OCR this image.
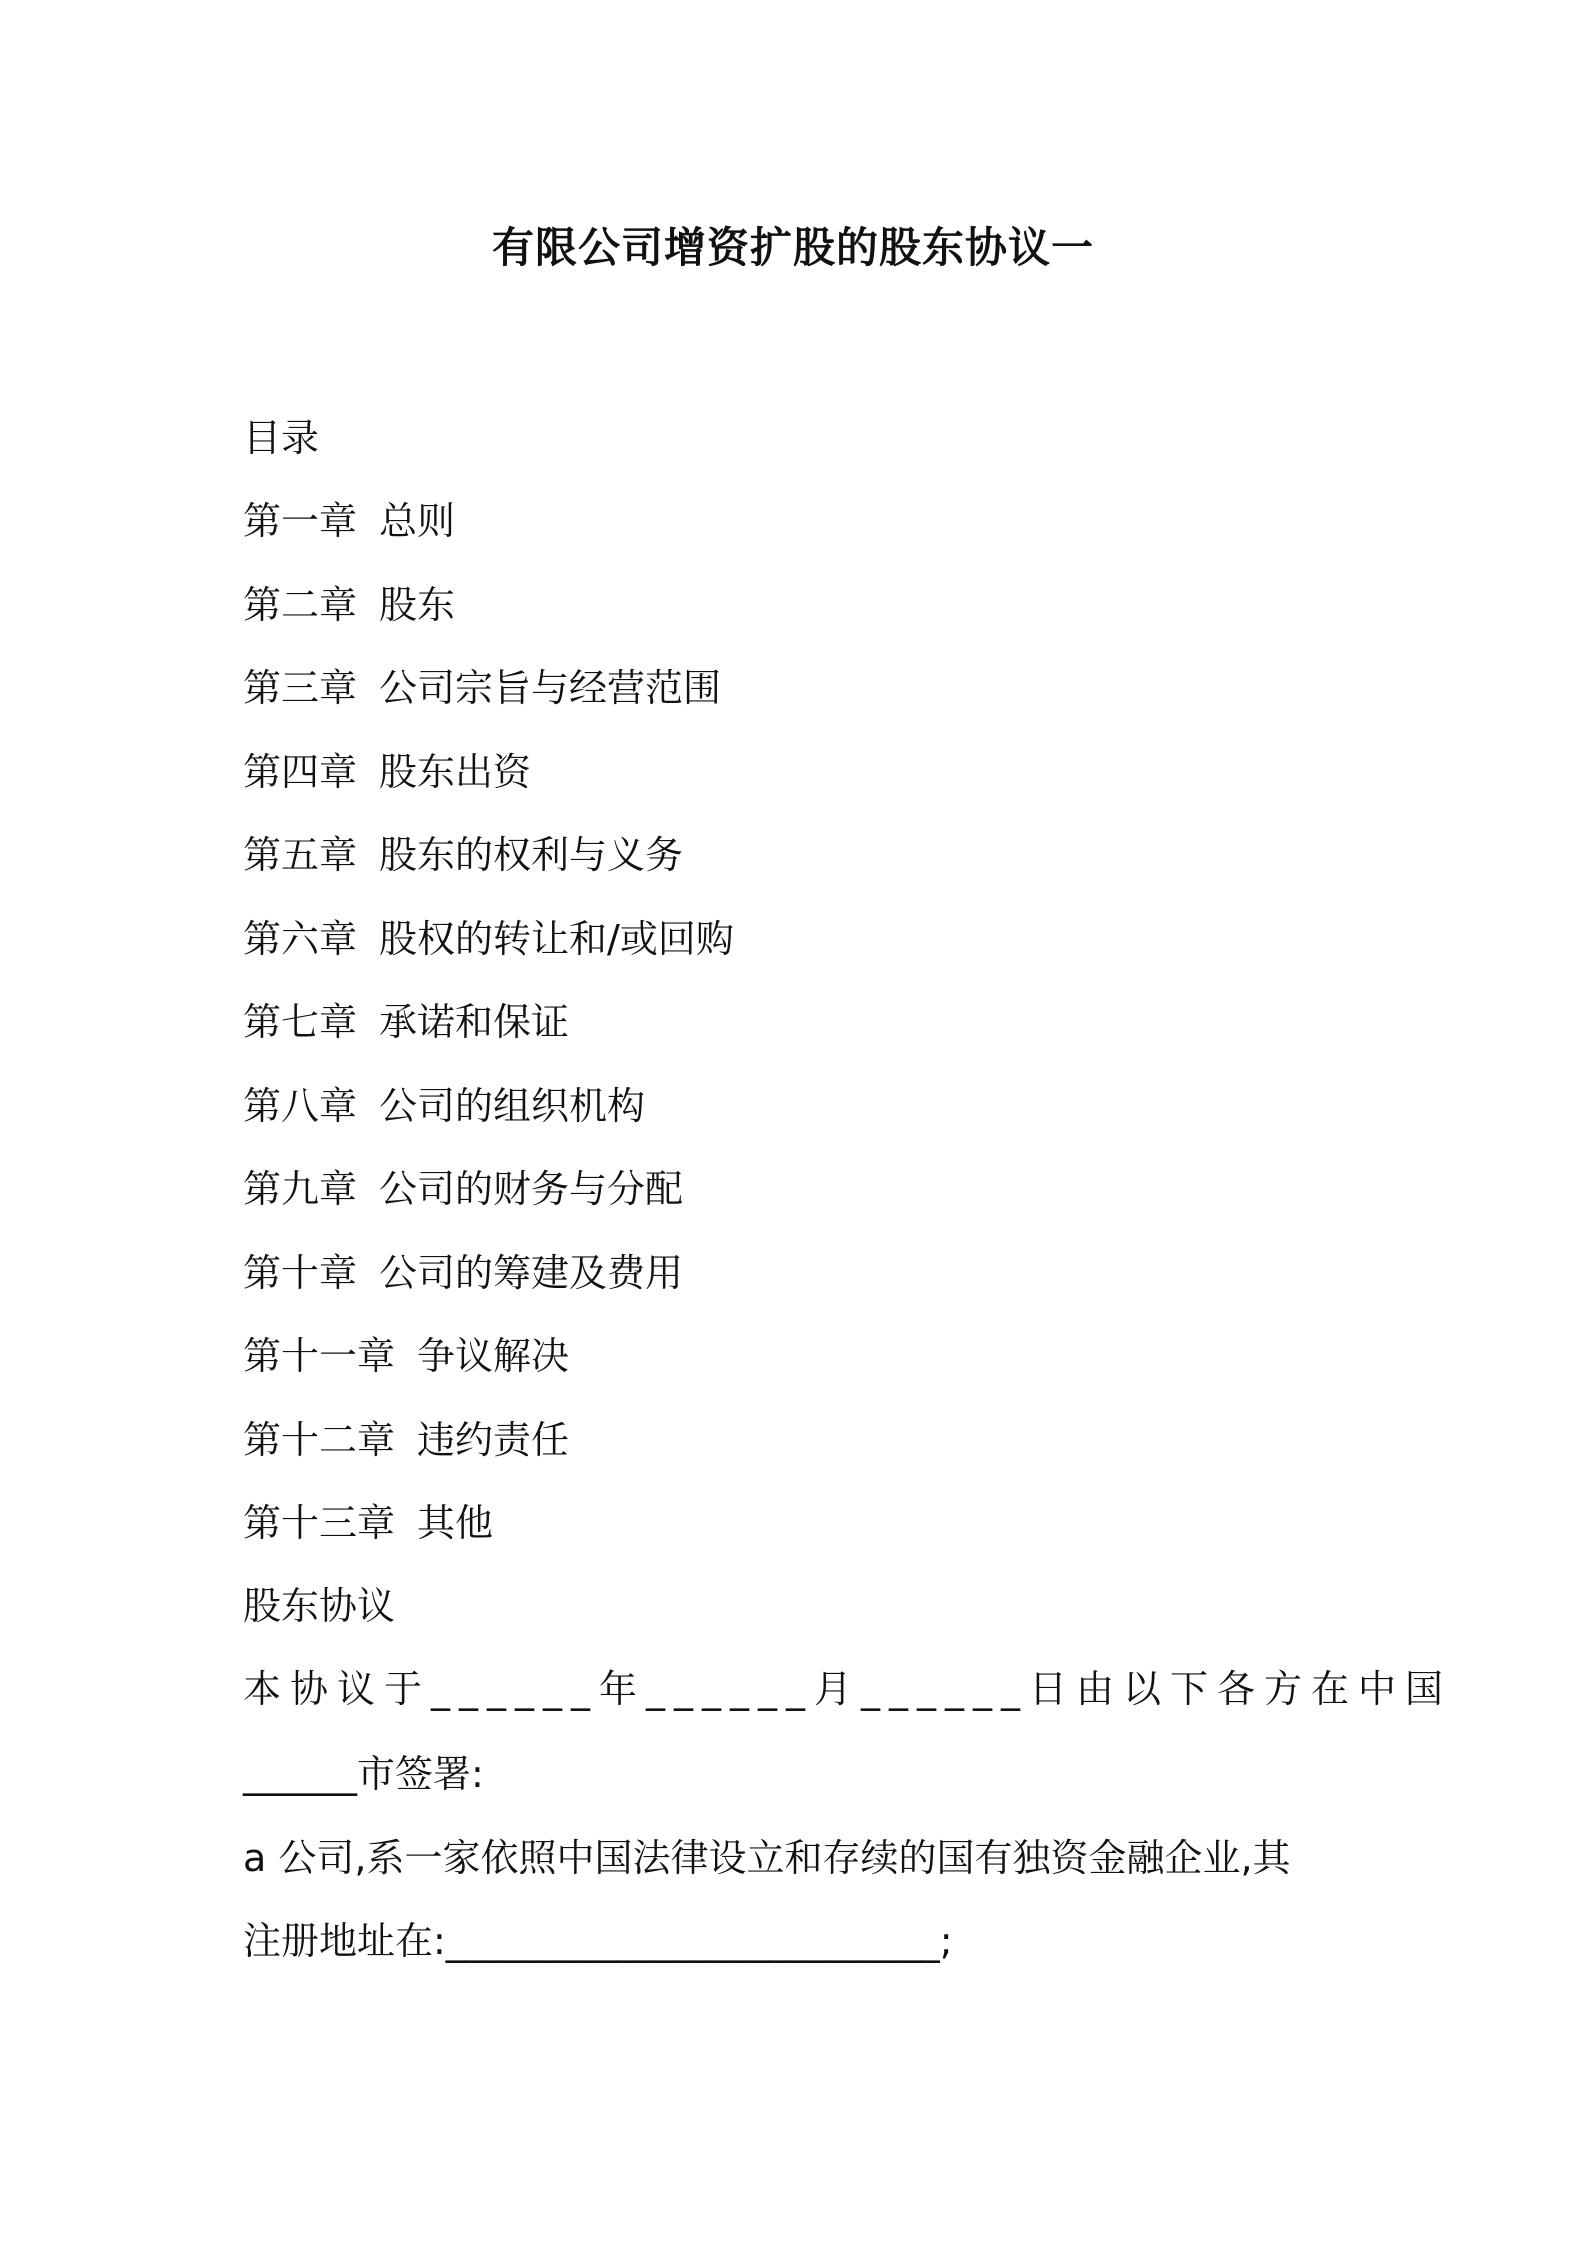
有限公司增资扩股的股东协议一
目录
第一章 总则
第二章 股东
第三章 公司宗旨与经营范围
第四章 股东出资
第五章 股东的权利与义务
第六章 股权的转让和/或回购
第七章 承诺和保证
第八章 公司的组织机构
第九章 公司的财务与分配
第十章 公司的筹建及费用
第十一章 争议解决
第十二章 违约责任
第十三章 其他
股东协议
本协议于______年______月______日由以下各方在中国
______市签署:
a 公司,系一家依照中国法律设立和存续的国有独资金融企业,其
注册地址在:__________________________;
